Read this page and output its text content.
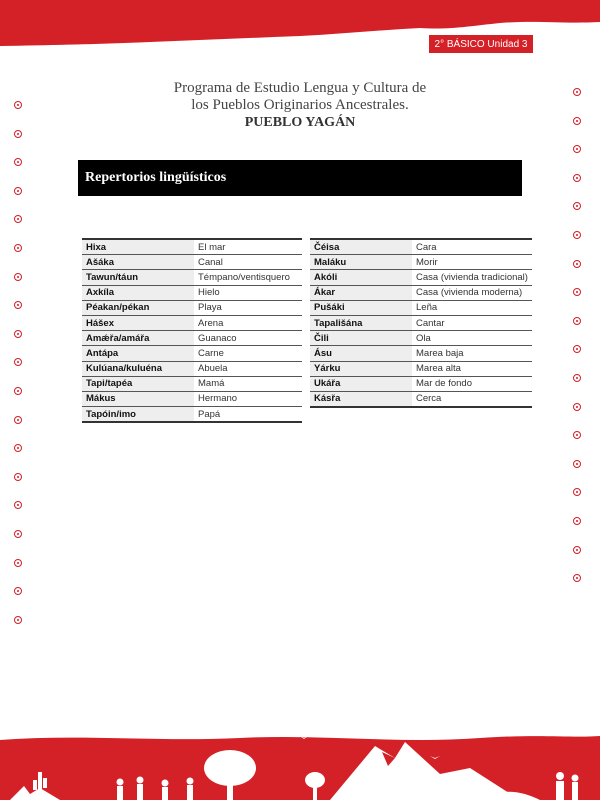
2° BÁSICO Unidad 3
Programa de Estudio Lengua y Cultura de
los Pueblos Originarios Ancestrales.
PUEBLO YAGÁN
Repertorios lingüísticos
Hixa	El mar
Ašáka	Canal
Tawun/táun	Témpano/ventisquero
Axkíla	Hielo
Péakan/pékan	Playa
Hášex	Arena
Amǽřa/amářa	Guanaco
Antápa	Carne
Kulúana/kuluéna	Abuela
Tapi/tapéa	Mamá
Mákus	Hermano
Tapóin/imo	Papá
Čéisa	Cara
Maláku	Morir
Akóli	Casa (vivienda tradicional)
Ákar	Casa (vivienda moderna)
Pušáki	Leña
Tapališána	Cantar
Čili	Ola
Ásu	Marea baja
Yárku	Marea alta
Ukářa	Mar de fondo
Kásřa	Cerca
